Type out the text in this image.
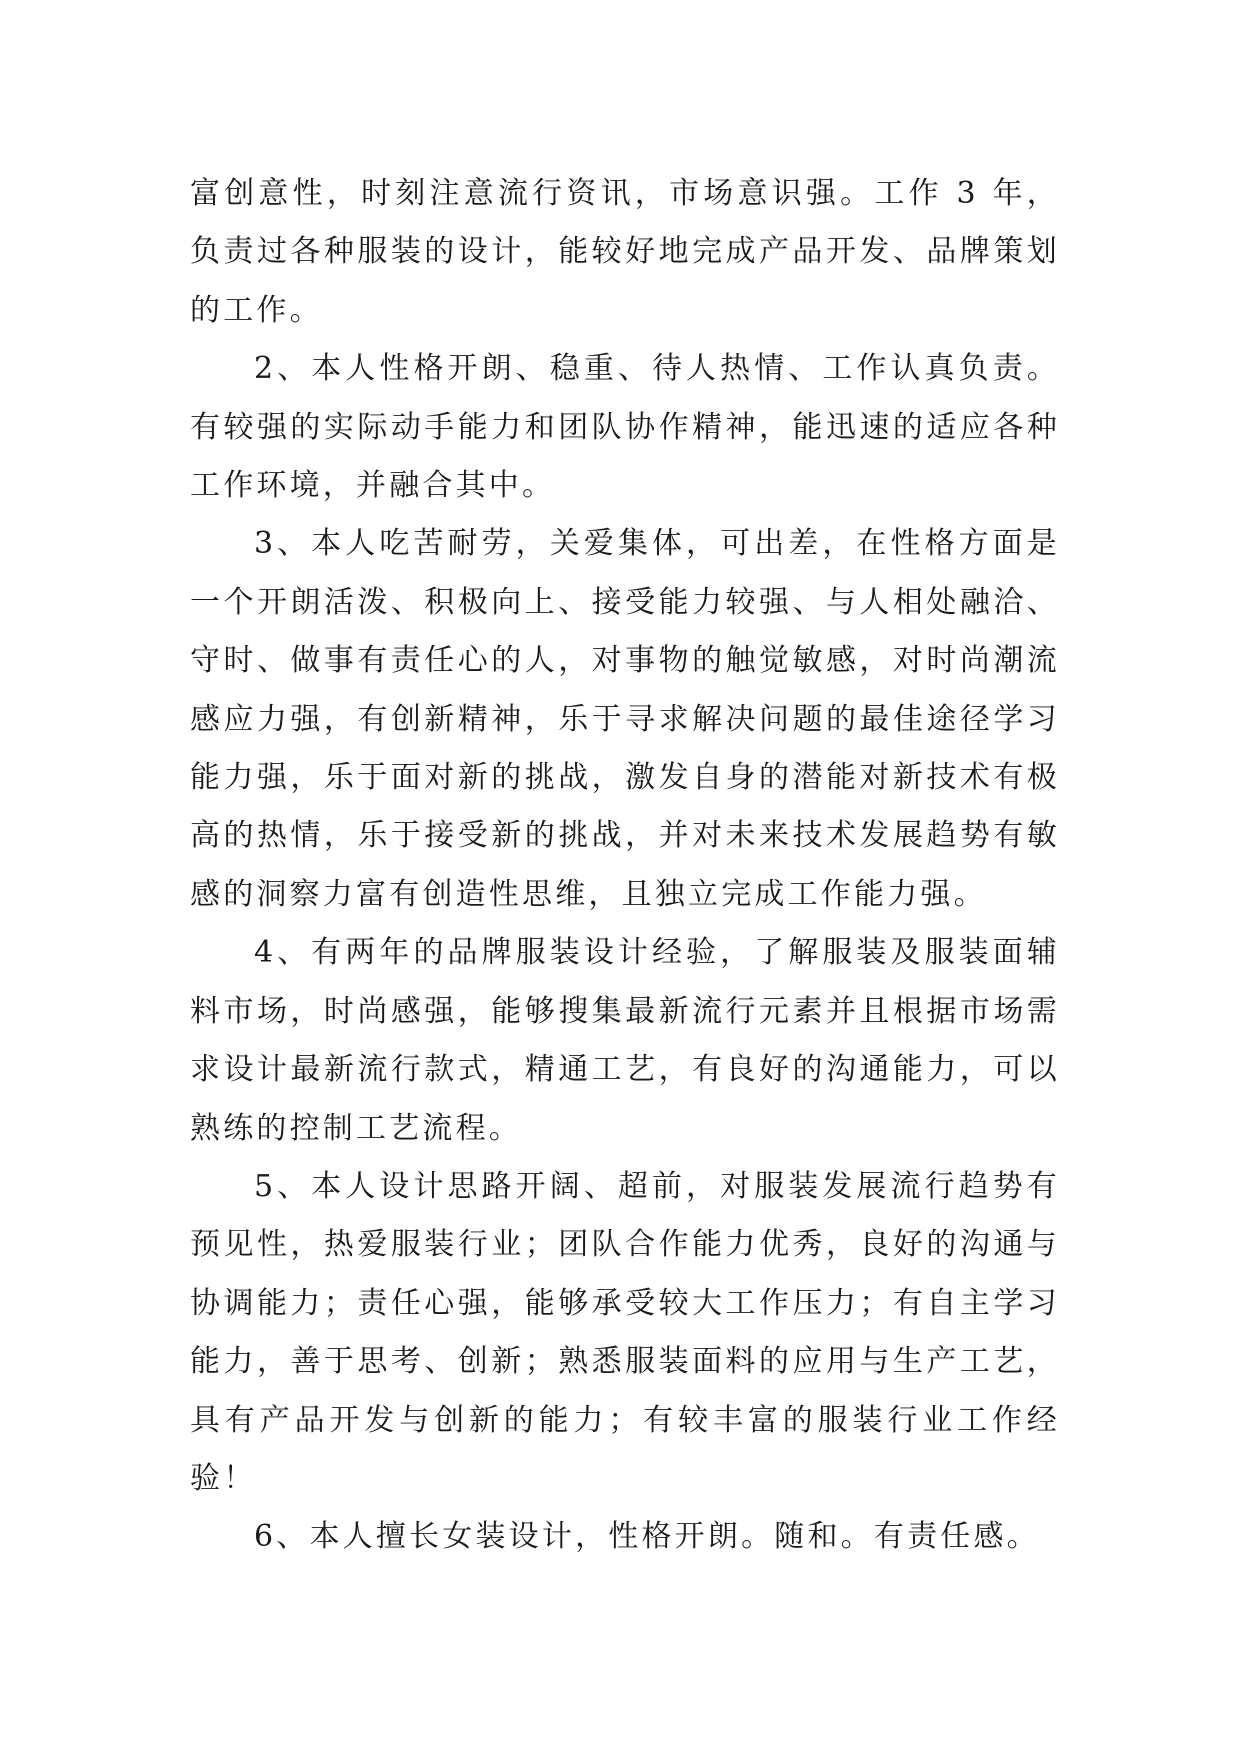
富创意性，时刻注意流行资讯，市场意识强。工作 3 年，负责过各种服装的设计，能较好地完成产品开发、品牌策划的工作。

2、本人性格开朗、稳重、待人热情、工作认真负责。有较强的实际动手能力和团队协作精神，能迅速的适应各种工作环境，并融合其中。

3、本人吃苦耐劳，关爱集体，可出差，在性格方面是一个开朗活泼、积极向上、接受能力较强、与人相处融洽、守时、做事有责任心的人，对事物的触觉敏感，对时尚潮流感应力强，有创新精神，乐于寻求解决问题的最佳途径学习能力强，乐于面对新的挑战，激发自身的潜能对新技术有极高的热情，乐于接受新的挑战，并对未来技术发展趋势有敏感的洞察力富有创造性思维，且独立完成工作能力强。

4、有两年的品牌服装设计经验，了解服装及服装面辅料市场，时尚感强，能够搜集最新流行元素并且根据市场需求设计最新流行款式，精通工艺，有良好的沟通能力，可以熟练的控制工艺流程。

5、本人设计思路开阔、超前，对服装发展流行趋势有预见性，热爱服装行业；团队合作能力优秀，良好的沟通与协调能力；责任心强，能够承受较大工作压力；有自主学习能力，善于思考、创新；熟悉服装面料的应用与生产工艺，具有产品开发与创新的能力；有较丰富的服装行业工作经验！

6、本人擅长女装设计，性格开朗。随和。有责任感。
